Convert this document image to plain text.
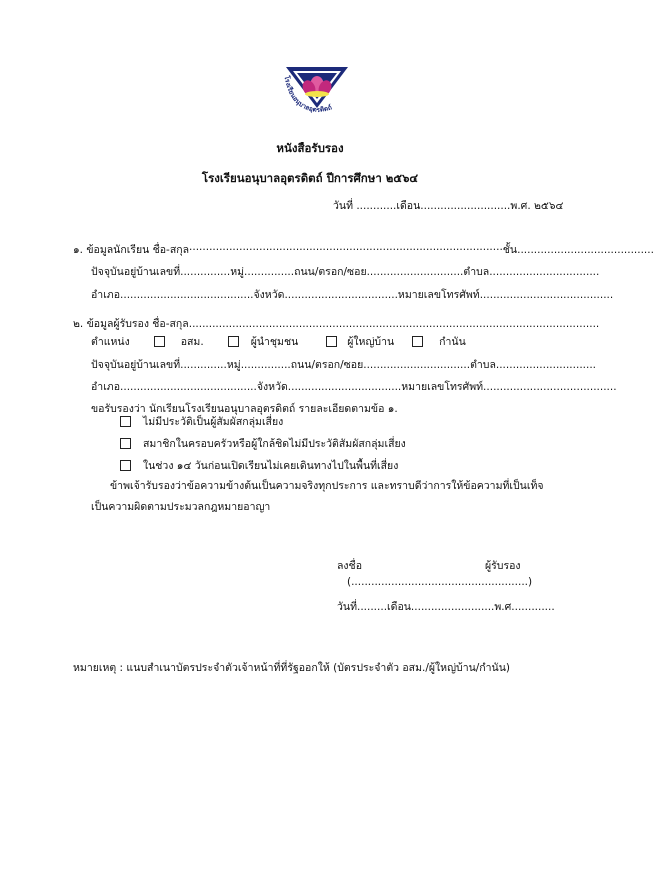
โรงเรียนอนุบาลอุตรดิตถ์
หนังสือรับรอง
โรงเรียนอนุบาลอุตรดิตถ์ ปีการศึกษา ๒๕๖๔
วันที่ ............เดือน...........................พ.ศ. ๒๕๖๔
๑. ข้อมูลนักเรียน ชื่อ-สกุล .............................................................................................. ชั้น.........................................
ปัจจุบันอยู่บ้านเลขที่...............หมู่...............ถนน/ตรอก/ซอย.............................ตำบล.................................
อำเภอ........................................จังหวัด..................................หมายเลขโทรศัพท์........................................
๒. ข้อมูลผู้รับรอง ชื่อ-สกุล...........................................................................................................................
ตำแหน่ง	อสม.	ผู้นำชุมชน	ผู้ใหญ่บ้าน	กำนัน
ปัจจุบันอยู่บ้านเลขที่..............หมู่...............ถนน/ตรอก/ซอย................................ตำบล..............................
อำเภอ.........................................จังหวัด..................................หมายเลขโทรศัพท์........................................
ขอรับรองว่า นักเรียนโรงเรียนอนุบาลอุตรดิตถ์ รายละเอียดตามข้อ ๑.
ไม่มีประวัติเป็นผู้สัมผัสกลุ่มเสี่ยง
สมาชิกในครอบครัวหรือผู้ใกล้ชิดไม่มีประวัติสัมผัสกลุ่มเสี่ยง
ในช่วง ๑๔ วันก่อนเปิดเรียนไม่เคยเดินทางไปในพื้นที่เสี่ยง
ข้าพเจ้ารับรองว่าข้อความข้างต้นเป็นความจริงทุกประการ และทราบดีว่าการให้ข้อความที่เป็นเท็จ
เป็นความผิดตามประมวลกฎหมายอาญา
ลงชื่อ	ผู้รับรอง
(.....................................................)
วันที่.........เดือน.........................พ.ศ.............
หมายเหตุ : แนบสำเนาบัตรประจำตัวเจ้าหน้าที่ที่รัฐออกให้ (บัตรประจำตัว อสม./ผู้ใหญ่บ้าน/กำนัน)
